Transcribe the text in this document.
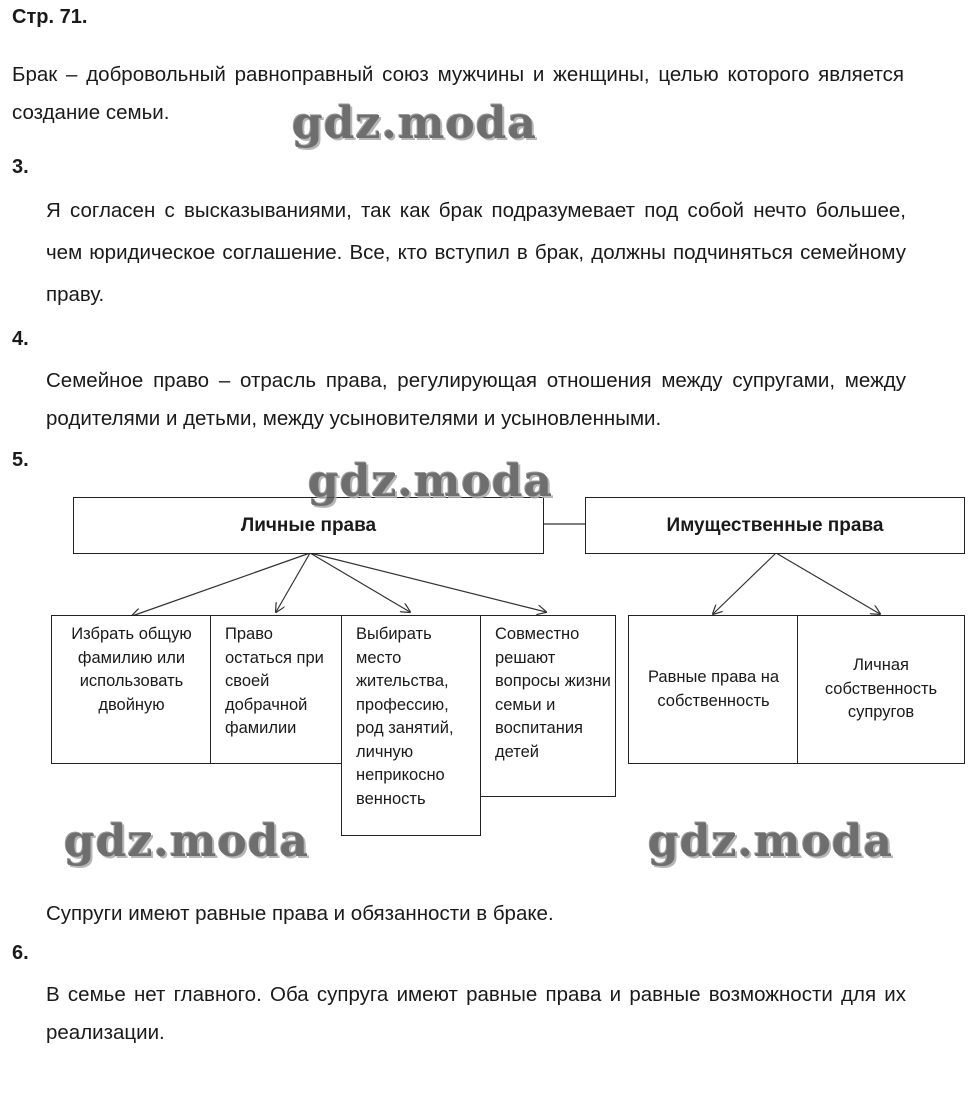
Стр. 71.
Брак – добровольный равноправный союз мужчины и женщины, целью которого является создание семьи.
3.
Я согласен с высказываниями, так как брак подразумевает под собой нечто большее, чем юридическое соглашение. Все, кто вступил в брак, должны подчиняться семейному праву.
4.
Семейное право – отрасль права, регулирующая отношения между супругами, между родителями и детьми, между усыновителями и усыновленными.
5.
Личные права	Имущественные права
Избрать общую фамилию или использовать двойную
Право остаться при своей добрачной фамилии
Выбирать место жительства, профессию, род занятий, личную неприкосно венность
Совместно решают вопросы жизни семьи и воспитания детей
Равные права на собственность
Личная собственность супругов
Супруги имеют равные права и обязанности в браке.
6.
В семье нет главного. Оба супруга имеют равные права и равные возможности для их реализации.
gdz.moda
gdz.moda
gdz.moda	gdz.moda
